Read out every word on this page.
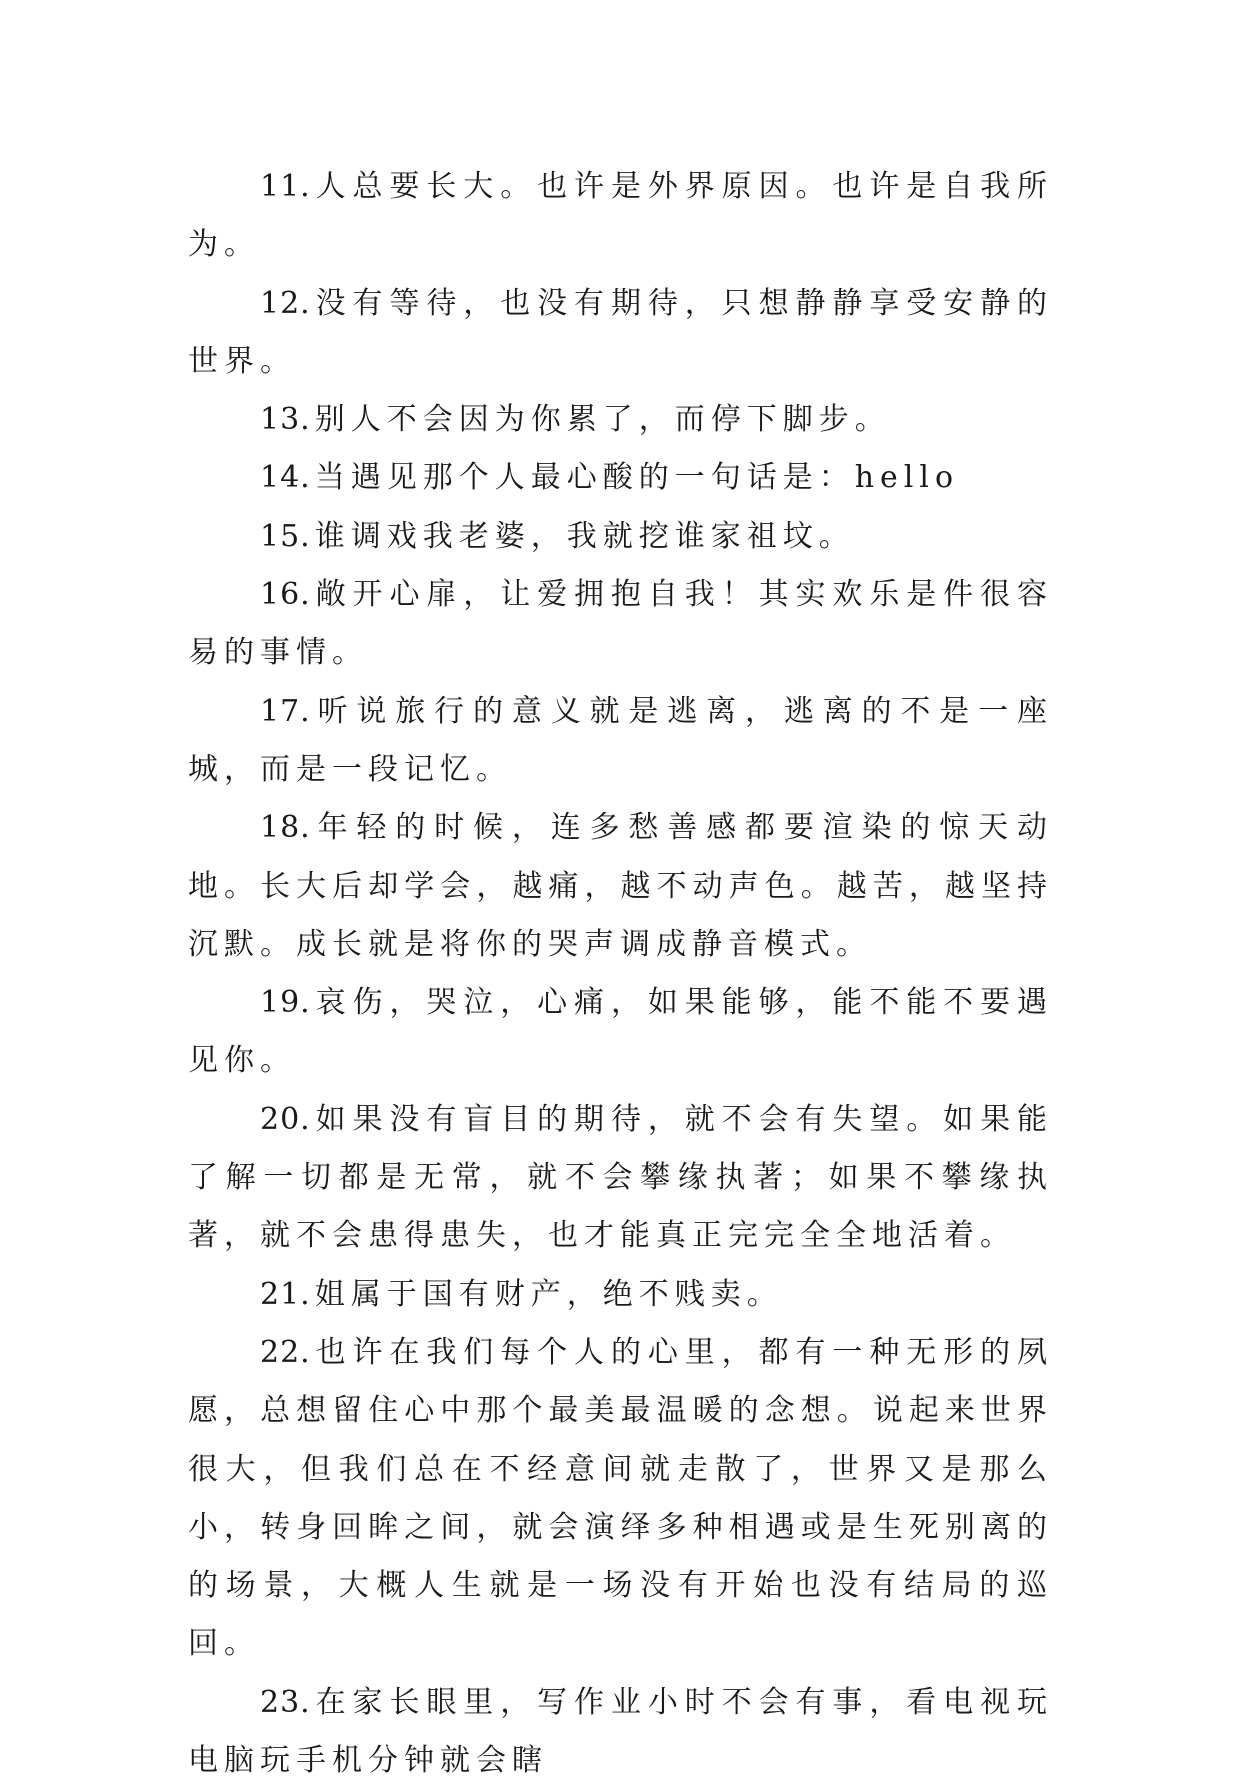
11. 人总要长大。也许是外界原因。也许是自我所为。

12. 没有等待，也没有期待，只想静静享受安静的世界。

13. 别人不会因为你累了，而停下脚步。

14. 当遇见那个人最心酸的一句话是：hello

15. 谁调戏我老婆，我就挖谁家祖坟。

16. 敞开心扉，让爱拥抱自我！其实欢乐是件很容易的事情。

17. 听说旅行的意义就是逃离，逃离的不是一座城，而是一段记忆。

18. 年轻的时候，连多愁善感都要渲染的惊天动地。长大后却学会，越痛，越不动声色。越苦，越坚持沉默。成长就是将你的哭声调成静音模式。

19. 哀伤，哭泣，心痛，如果能够，能不能不要遇见你。

20. 如果没有盲目的期待，就不会有失望。如果能了解一切都是无常，就不会攀缘执著；如果不攀缘执著，就不会患得患失，也才能真正完完全全地活着。

21. 姐属于国有财产，绝不贱卖。

22. 也许在我们每个人的心里，都有一种无形的夙愿，总想留住心中那个最美最温暖的念想。说起来世界很大，但我们总在不经意间就走散了，世界又是那么小，转身回眸之间，就会演绎多种相遇或是生死别离的的场景，大概人生就是一场没有开始也没有结局的巡回。

23. 在家长眼里，写作业小时不会有事，看电视玩电脑玩手机分钟就会瞎
